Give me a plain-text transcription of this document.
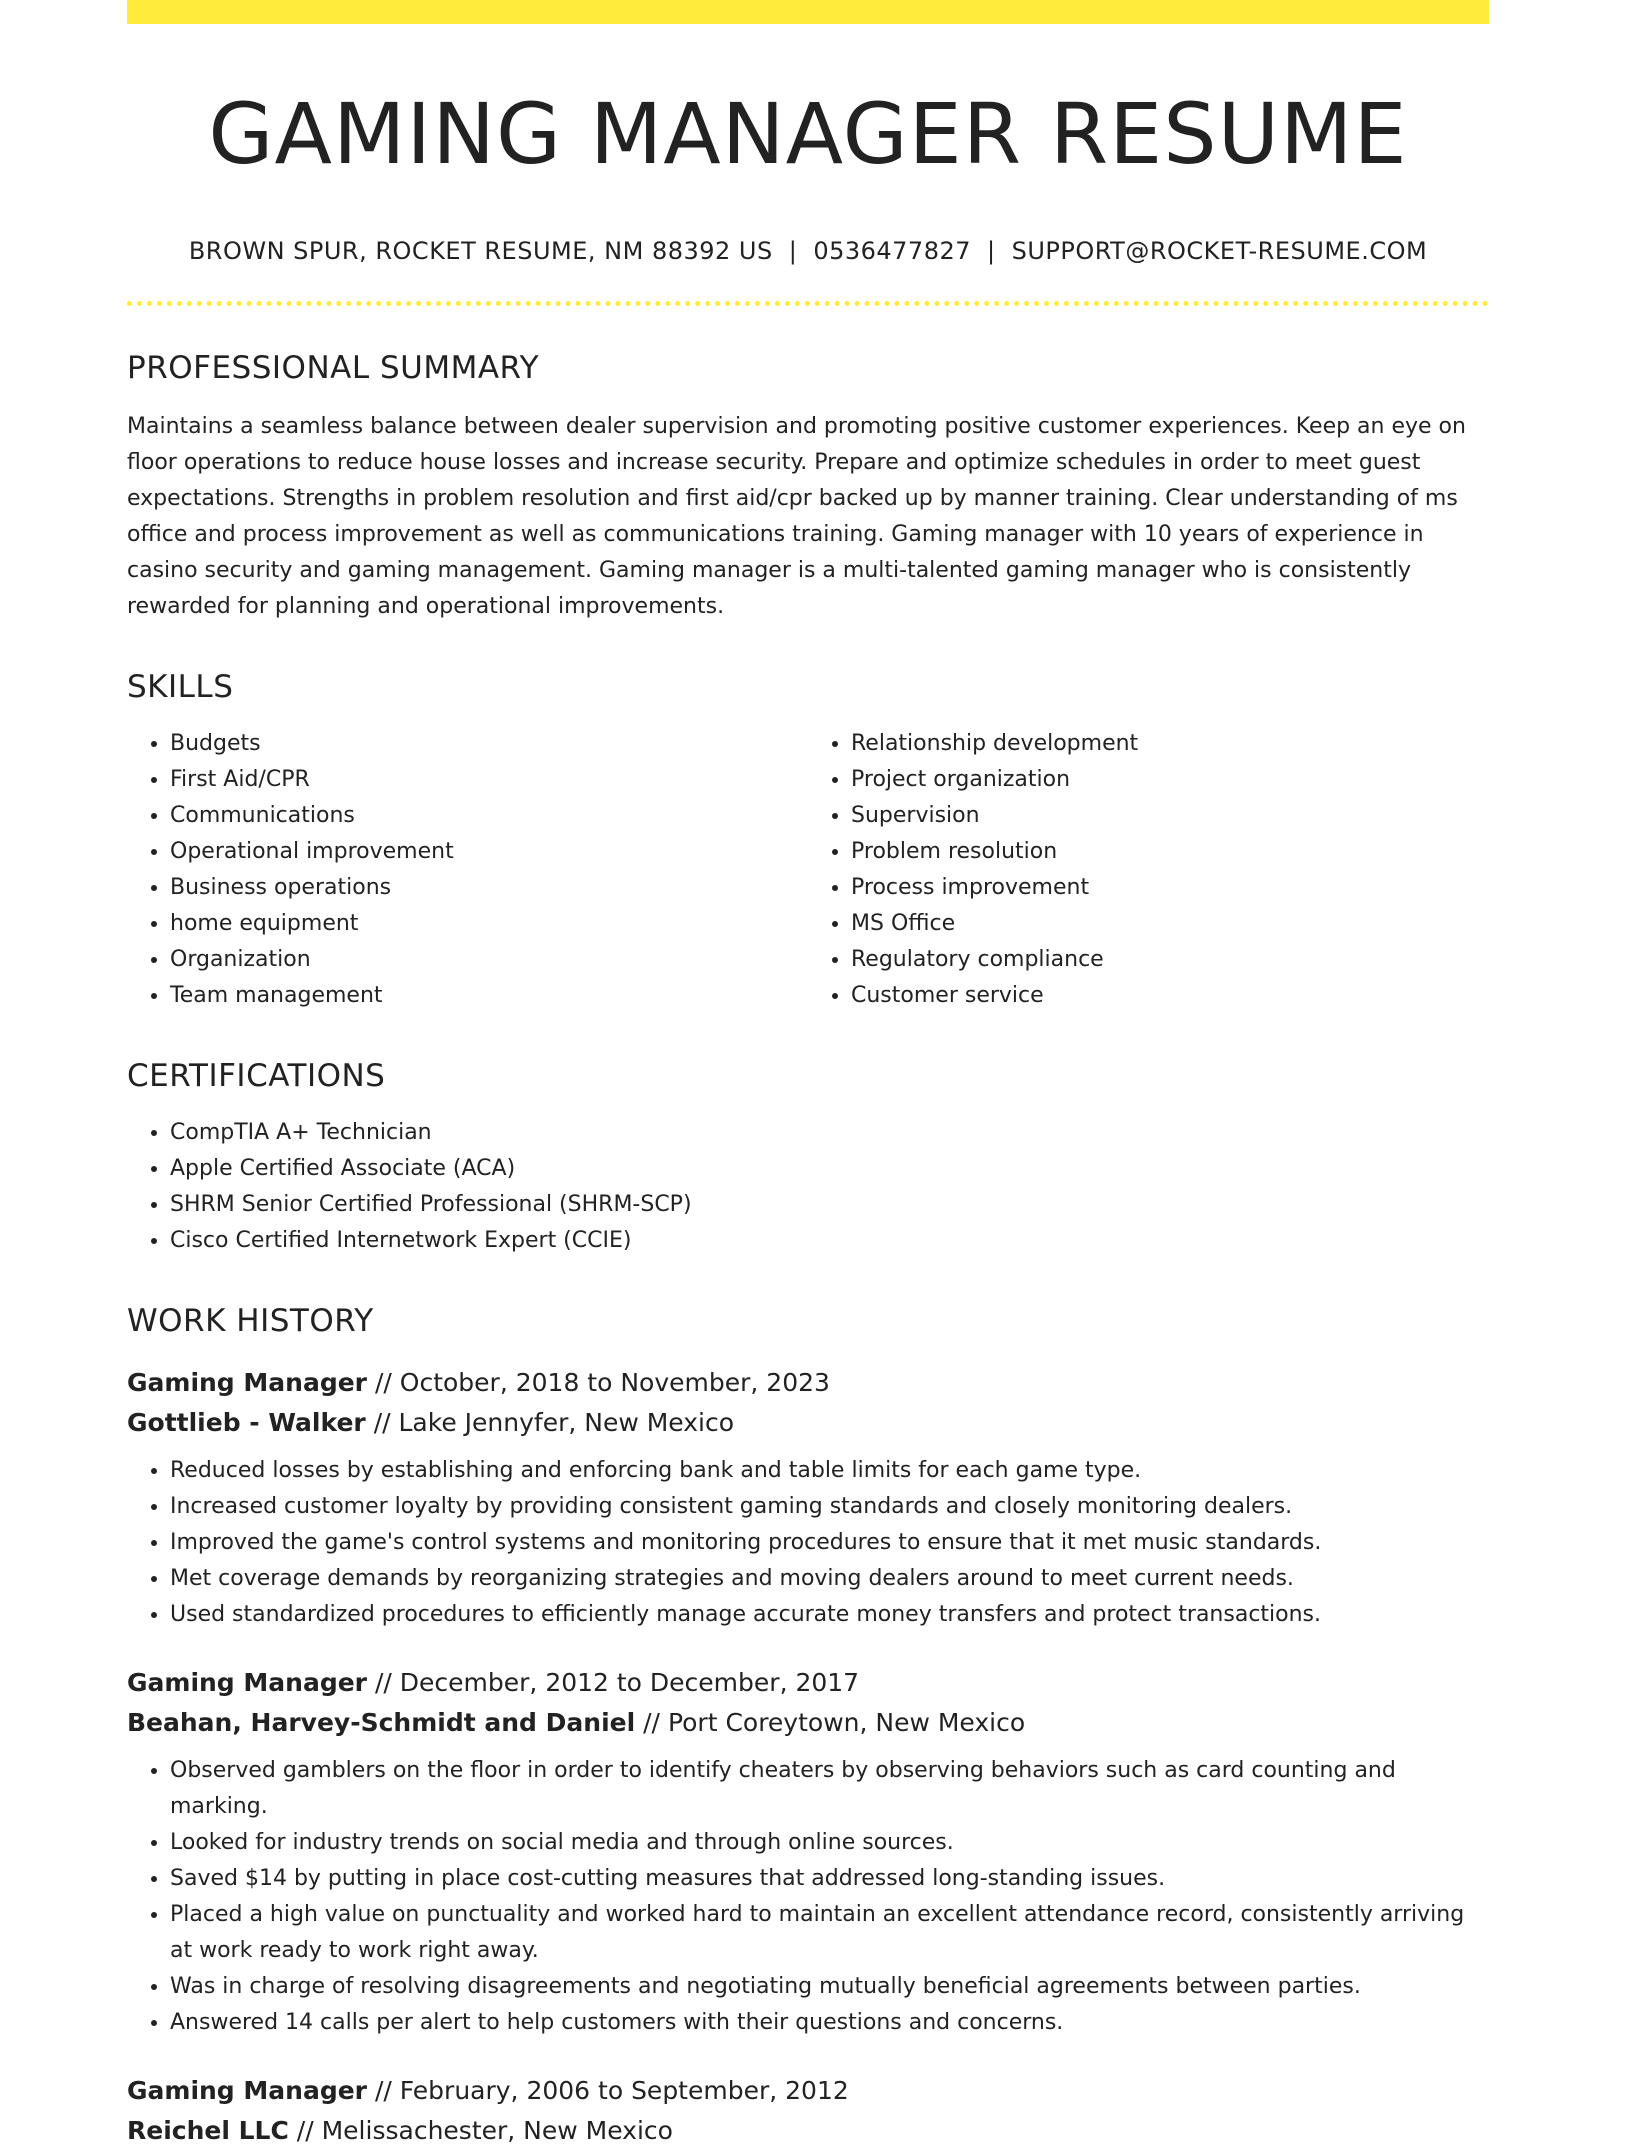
GAMING MANAGER RESUME
BROWN SPUR, ROCKET RESUME, NM 88392 US | 0536477827 | SUPPORT@ROCKET-RESUME.COM
PROFESSIONAL SUMMARY

Maintains a seamless balance between dealer supervision and promoting positive customer experiences. Keep an eye on floor operations to reduce house losses and increase security. Prepare and optimize schedules in order to meet guest expectations. Strengths in problem resolution and first aid/cpr backed up by manner training. Clear understanding of ms office and process improvement as well as communications training. Gaming manager with 10 years of experience in casino security and gaming management. Gaming manager is a multi-talented gaming manager who is consistently rewarded for planning and operational improvements.

SKILLS
• Budgets
• First Aid/CPR
• Communications
• Operational improvement
• Business operations
• home equipment
• Organization
• Team management
• Relationship development
• Project organization
• Supervision
• Problem resolution
• Process improvement
• MS Office
• Regulatory compliance
• Customer service
CERTIFICATIONS
• CompTIA A+ Technician
• Apple Certified Associate (ACA)
• SHRM Senior Certified Professional (SHRM-SCP)
• Cisco Certified Internetwork Expert (CCIE)
WORK HISTORY
Gaming Manager // October, 2018 to November, 2023
Gottlieb - Walker // Lake Jennyfer, New Mexico
• Reduced losses by establishing and enforcing bank and table limits for each game type.
• Increased customer loyalty by providing consistent gaming standards and closely monitoring dealers.
• Improved the game's control systems and monitoring procedures to ensure that it met music standards.
• Met coverage demands by reorganizing strategies and moving dealers around to meet current needs.
• Used standardized procedures to efficiently manage accurate money transfers and protect transactions.
Gaming Manager // December, 2012 to December, 2017
Beahan, Harvey-Schmidt and Daniel // Port Coreytown, New Mexico
• Observed gamblers on the floor in order to identify cheaters by observing behaviors such as card counting and marking.
• Looked for industry trends on social media and through online sources.
• Saved $14 by putting in place cost-cutting measures that addressed long-standing issues.
• Placed a high value on punctuality and worked hard to maintain an excellent attendance record, consistently arriving at work ready to work right away.
• Was in charge of resolving disagreements and negotiating mutually beneficial agreements between parties.
• Answered 14 calls per alert to help customers with their questions and concerns.
Gaming Manager // February, 2006 to September, 2012
Reichel LLC // Melissachester, New Mexico
